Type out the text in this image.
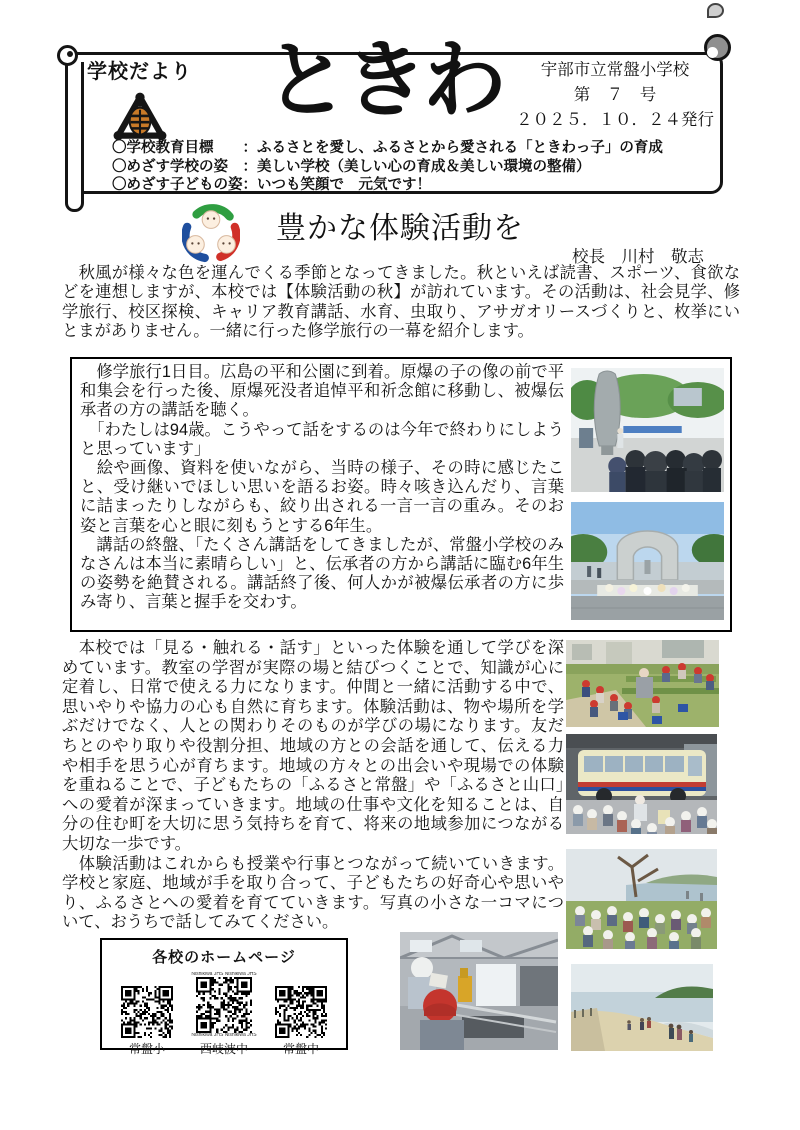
学校だより ときわ	宇部市立常盤小学校
第　７　号
２０２５．１０．２４発行

〇学校教育目標　　：ふるさとを愛し、ふるさとから愛される「ときわっ子」の育成

〇めざす学校の姿　：美しい学校（美しい心の育成＆美しい環境の整備）

〇めざす子どもの姿：いつも笑顔で　元気です！

豊かな体験活動を
校長　川村　敬志

　秋風が様々な色を運んでくる季節となってきました。秋といえば読書、スポーツ、食欲などを連想しますが、本校では【体験活動の秋】が訪れています。その活動は、社会見学、修学旅行、校区探検、キャリア教育講話、水育、虫取り、アサガオリースづくりと、枚挙にいとまがありません。一緒に行った修学旅行の一幕を紹介します。

　修学旅行1日目。広島の平和公園に到着。原爆の子の像の前で平和集会を行った後、原爆死没者追悼平和祈念館に移動し、被爆伝承者の方の講話を聴く。

　「わたしは94歳。こうやって話をするのは今年で終わりにしようと思っています」

　絵や画像、資料を使いながら、当時の様子、その時に感じたこと、受け継いでほしい思いを語るお姿。時々咳き込んだり、言葉に詰まったりしながらも、絞り出される一言一言の重み。そのお姿と言葉を心と眼に刻もうとする6年生。

　講話の終盤、「たくさん講話をしてきましたが、常盤小学校のみなさんは本当に素晴らしい」と、伝承者の方から講話に臨む6年生の姿勢を絶賛される。講話終了後、何人かが被爆伝承者の方に歩み寄り、言葉と握手を交わす。

　本校では「見る・触れる・話す」といった体験を通して学びを深めています。教室の学習が実際の場と結びつくことで、知識が心に定着し、日常で使える力になります。仲間と一緒に活動する中で、思いやりや協力の心も自然に育ちます。体験活動は、物や場所を学ぶだけでなく、人との関わりそのものが学びの場になります。友だちとのやり取りや役割分担、地域の方との会話を通して、伝える力や相手を思う心が育ちます。地域の方々との出会いや現場での体験を重ねることで、子どもたちの「ふるさと常盤」や「ふるさと山口」への愛着が深まっていきます。地域の仕事や文化を知ることは、自分の住む町を大切に思う気持ちを育て、将来の地域参加につながる大切な一歩です。

　体験活動はこれからも授業や行事とつながって続いていきます。学校と家庭、地域が手を取り合って、子どもたちの好奇心や思いやり、ふるさとへの愛着を育てていきます。写真の小さな一コマについて、おうちで話してみてください。

各校のホームページ
常盤小
Nishikiwa JHS Nishikiwa JHS
Nishikiwa JHS Nishikiwa JHS
西岐波中	常盤中
